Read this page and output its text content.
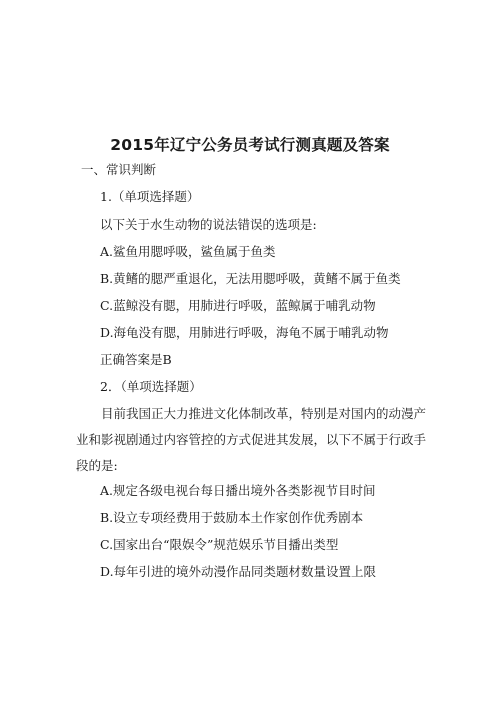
2015年辽宁公务员考试行测真题及答案
一、常识判断
1.（单项选择题）
以下关于水生动物的说法错误的选项是:
A.鲨鱼用腮呼吸，鲨鱼属于鱼类
B.黄鳍的腮严重退化，无法用腮呼吸，黄鳍不属于鱼类
C.蓝鲸没有腮，用肺进行呼吸，蓝鲸属于哺乳动物
D.海龟没有腮，用肺进行呼吸，海龟不属于哺乳动物
正确答案是B
2．（单项选择题）
目前我国正大力推进文化体制改革，特别是对国内的动漫产业和影视剧通过内容管控的方式促进其发展，以下不属于行政手段的是:
A.规定各级电视台每日播出境外各类影视节目时间
B.设立专项经费用于鼓励本土作家创作优秀剧本
C.国家出台“限娱令”规范娱乐节目播出类型
D.每年引进的境外动漫作品同类题材数量设置上限
